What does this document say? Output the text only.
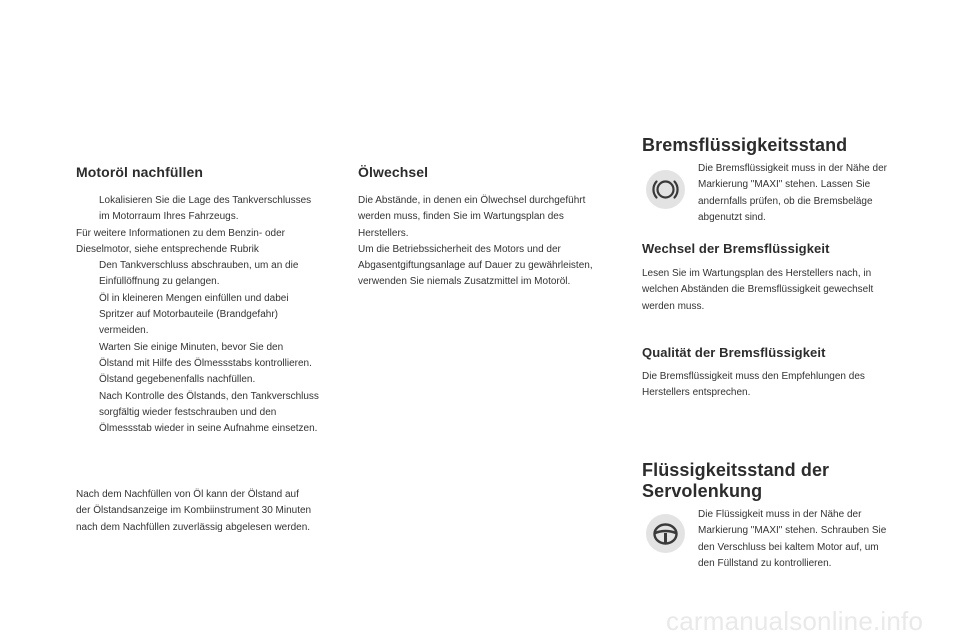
Motoröl nachfüllen

Lokalisieren Sie die Lage des Tankverschlusses

im Motorraum Ihres Fahrzeugs.

Für weitere Informationen zu dem Benzin- oder

Dieselmotor, siehe entsprechende Rubrik

Den Tankverschluss abschrauben, um an die

Einfüllöffnung zu gelangen.

Öl in kleineren Mengen einfüllen und dabei

Spritzer auf Motorbauteile (Brandgefahr)

vermeiden.

Warten Sie einige Minuten, bevor Sie den

Ölstand mit Hilfe des Ölmessstabs kontrollieren.

Ölstand gegebenenfalls nachfüllen.

Nach Kontrolle des Ölstands, den Tankverschluss

sorgfältig wieder festschrauben und den

Ölmessstab wieder in seine Aufnahme einsetzen.

Nach dem Nachfüllen von Öl kann der Ölstand auf

der Ölstandsanzeige im Kombiinstrument 30 Minuten

nach dem Nachfüllen zuverlässig abgelesen werden.

Ölwechsel

Die Abstände, in denen ein Ölwechsel durchgeführt

werden muss, finden Sie im Wartungsplan des

Herstellers.

Um die Betriebssicherheit des Motors und der

Abgasentgiftungsanlage auf Dauer zu gewährleisten,

verwenden Sie niemals Zusatzmittel im Motoröl.

Bremsflüssigkeitsstand

Die Bremsflüssigkeit muss in der Nähe der

Markierung "MAXI" stehen. Lassen Sie

andernfalls prüfen, ob die Bremsbeläge

abgenutzt sind.

Wechsel der Bremsflüssigkeit

Lesen Sie im Wartungsplan des Herstellers nach, in

welchen Abständen die Bremsflüssigkeit gewechselt

werden muss.

Qualität der Bremsflüssigkeit

Die Bremsflüssigkeit muss den Empfehlungen des

Herstellers entsprechen.

Flüssigkeitsstand der
Servolenkung

Die Flüssigkeit muss in der Nähe der

Markierung "MAXI" stehen. Schrauben Sie

den Verschluss bei kaltem Motor auf, um

den Füllstand zu kontrollieren.

carmanualsonline.info
